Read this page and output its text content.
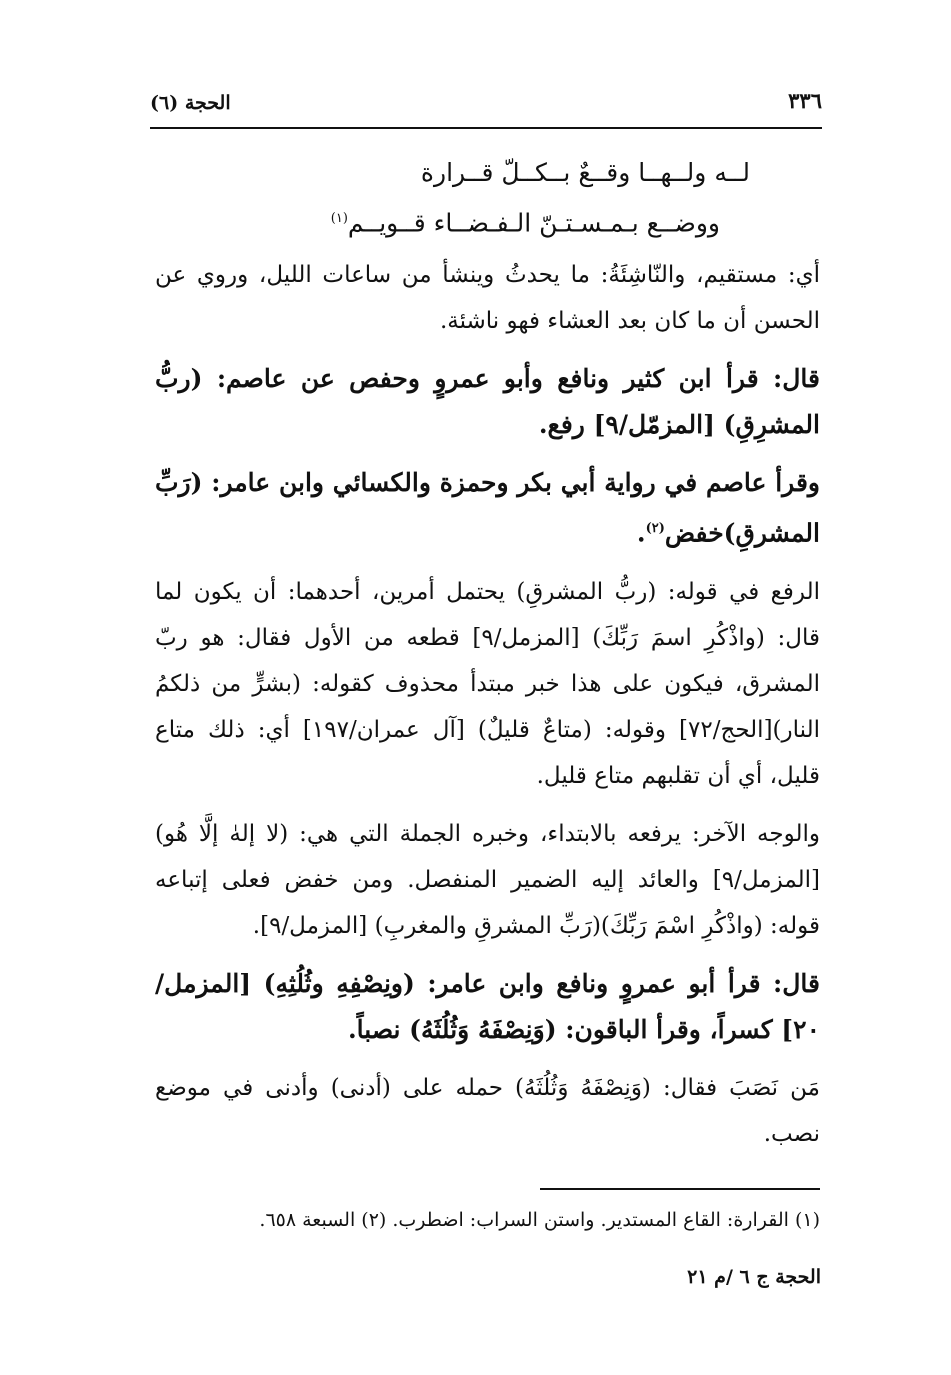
٣٣٦
الحجة (٦)
لــه ولــهــا وقــعٌ بــكــلّ قــرارة
ووضــع بـمـسـتـنّ الـفـضــاء قــويــم$^{(١)}$

أي: مستقيم، والنّاشِئَةُ: ما يحدثُ وينشأ من ساعات الليل، وروي عن الحسن أن ما كان بعد العشاء فهو ناشئة.

قال: قرأ ابن كثير ونافع وأبو عمروٍ وحفص عن عاصم: (ربُّ المشرِقِ) [المزمّل/٩] رفع.

وقرأ عاصم في رواية أبي بكر وحمزة والكسائي وابن عامر: (رَبِّ المشرقِ)خفض$^{(٢)}$.

الرفع في قوله: (ربُّ المشرقِ) يحتمل أمرين، أحدهما: أن يكون لما قال: (واذْكُرِ اسمَ رَبِّكَ) [المزمل/٩] قطعه من الأول فقال: هو ربّ المشرق، فيكون على هذا خبر مبتدأ محذوف كقوله: (بشرٍّ من ذلكمُ النار)[الحج/٧٢] وقوله: (متاعٌ قليلٌ) [آل عمران/١٩٧] أي: ذلك متاع قليل، أي أن تقلبهم متاع قليل.

والوجه الآخر: يرفعه بالابتداء، وخبره الجملة التي هي: (لا إلهٰ إلَّا هُو) [المزمل/٩] والعائد إليه الضمير المنفصل. ومن خفض فعلى إتباعه قوله: (واذْكُرِ اسْمَ رَبِّكَ)(رَبِّ المشرقِ والمغربِ) [المزمل/٩].

قال: قرأ أبو عمروٍ ونافع وابن عامر: (ونِصْفِهِ وثُلُثِهِ) [المزمل/٢٠] كسراً، وقرأ الباقون: (وَنِصْفَهُ وَثُلُثَهُ) نصباً.

مَن نَصَبَ فقال: (وَنِصْفَهُ وَثُلُثَهُ) حمله على (أدنى) وأدنى في موضع نصب.

(١) القرارة: القاع المستدير. واستن السراب: اضطرب. (٢) السبعة ٦٥٨.
الحجة ج ٦ /م ٢١
